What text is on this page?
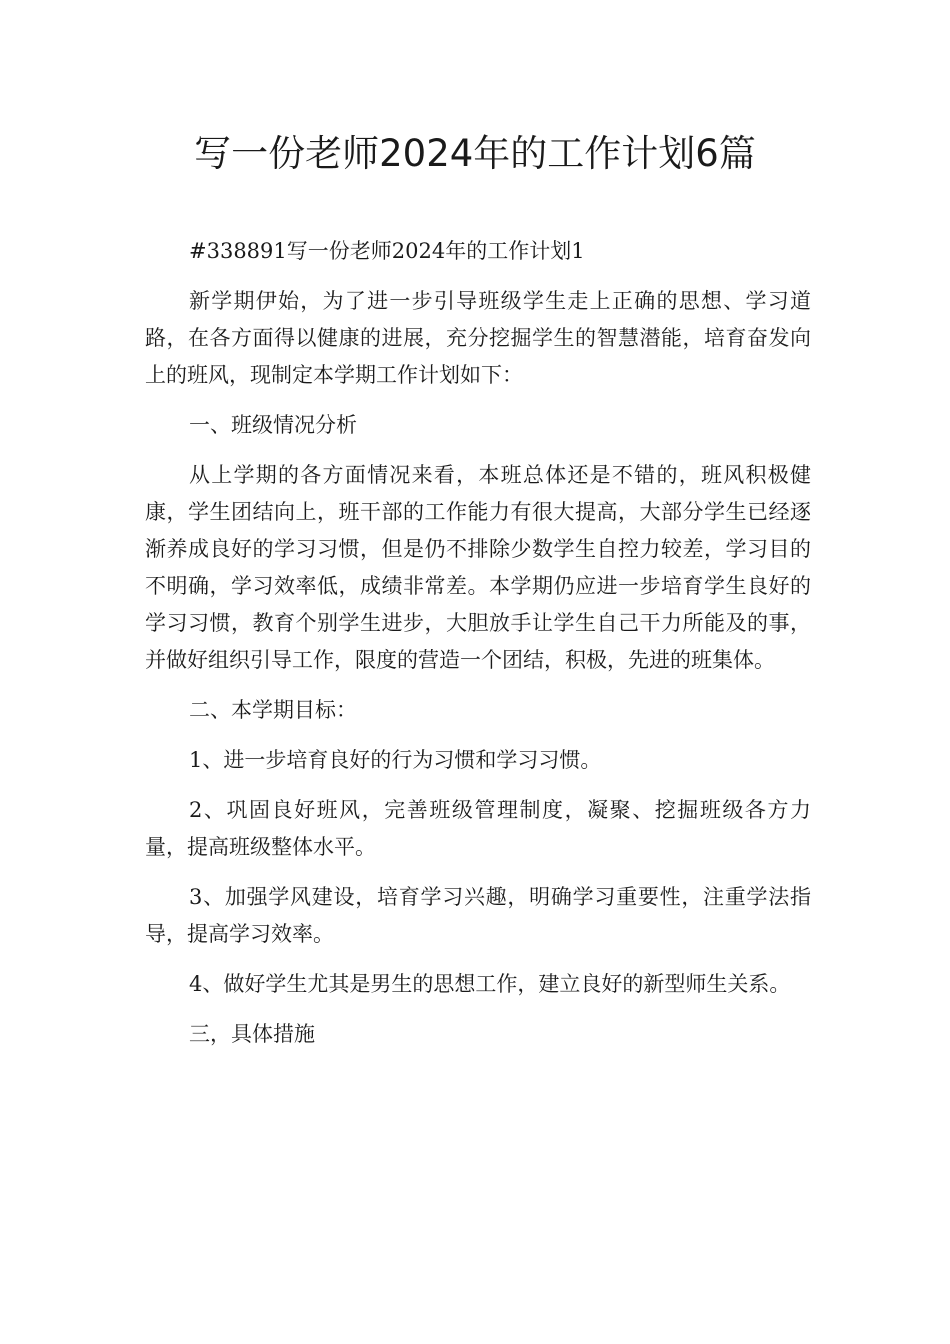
写一份老师2024年的工作计划6篇

#338891写一份老师2024年的工作计划1

新学期伊始，为了进一步引导班级学生走上正确的思想、学习道路，在各方面得以健康的进展，充分挖掘学生的智慧潜能，培育奋发向上的班风，现制定本学期工作计划如下：

一、班级情况分析

从上学期的各方面情况来看，本班总体还是不错的，班风积极健康，学生团结向上，班干部的工作能力有很大提高，大部分学生已经逐渐养成良好的学习习惯，但是仍不排除少数学生自控力较差，学习目的不明确，学习效率低，成绩非常差。本学期仍应进一步培育学生良好的学习习惯，教育个别学生进步，大胆放手让学生自己干力所能及的事，并做好组织引导工作，限度的营造一个团结，积极，先进的班集体。

二、本学期目标：

1、进一步培育良好的行为习惯和学习习惯。

2、巩固良好班风，完善班级管理制度，凝聚、挖掘班级各方力量，提高班级整体水平。

3、加强学风建设，培育学习兴趣，明确学习重要性，注重学法指导，提高学习效率。

4、做好学生尤其是男生的思想工作，建立良好的新型师生关系。

三，具体措施
